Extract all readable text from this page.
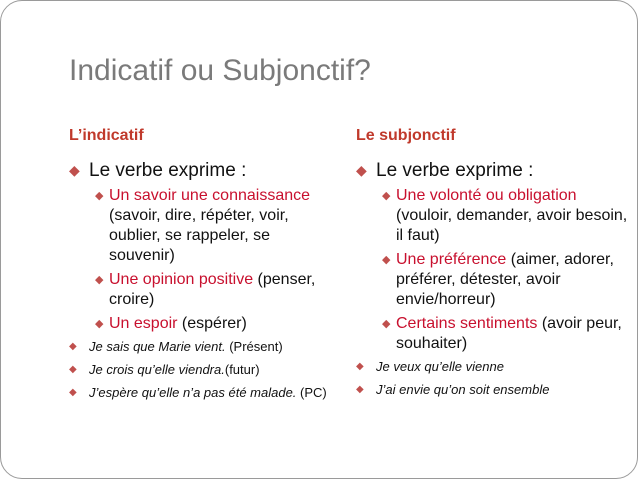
Indicatif ou Subjonctif?
L’indicatif	Le subjonctif
◆ Le verbe exprime :
◆ Un savoir une connaissance (savoir, dire, répéter, voir, oublier, se rappeler, se souvenir)
◆ Une opinion positive (penser, croire)
◆ Un espoir (espérer)
◆ Je sais que Marie vient. (Présent)
◆ Je crois qu’elle viendra.(futur)
◆ J’espère qu’elle n’a pas été malade. (PC)
◆ Le verbe exprime :
◆ Une volonté ou obligation (vouloir, demander, avoir besoin, il faut)
◆ Une préférence (aimer, adorer, préférer, détester, avoir envie/horreur)
◆ Certains sentiments (avoir peur, souhaiter)
◆ Je veux qu’elle vienne
◆ J’ai envie qu’on soit ensemble
